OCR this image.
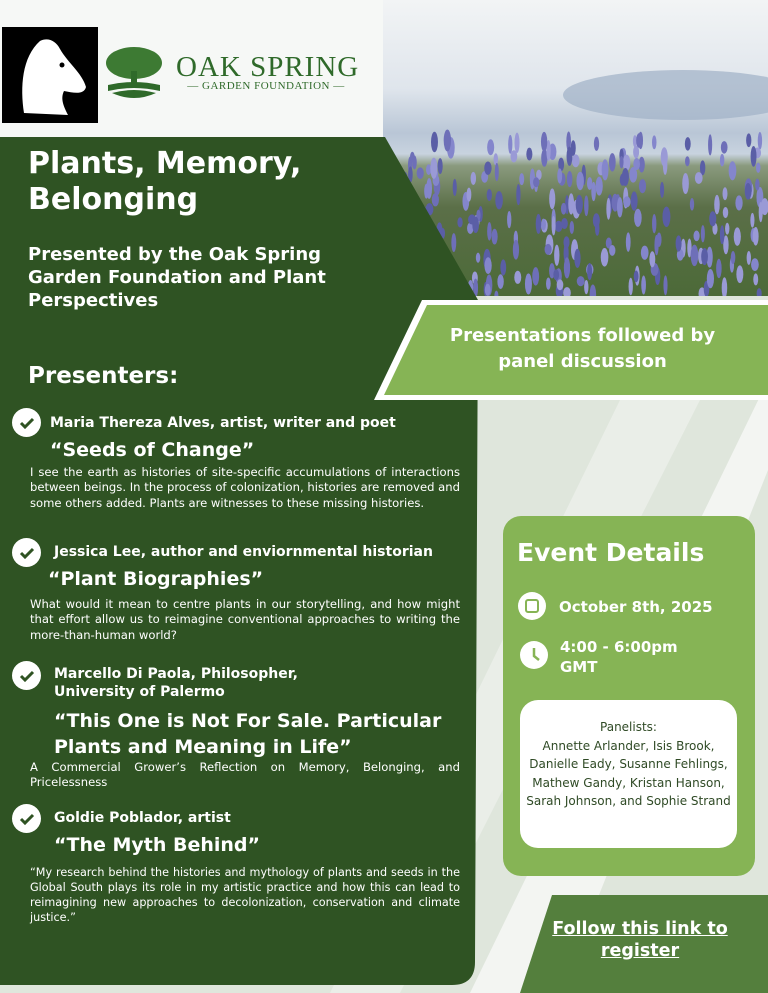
OAK SPRING
— GARDEN FOUNDATION —
Presentations followed by panel discussion
Plants, Memory, Belonging
Presented by the Oak Spring Garden Foundation and Plant Perspectives
Presenters:
Maria Thereza Alves, artist, writer and poet
“Seeds of Change”
I see the earth as histories of site-specific accumulations of interactions between beings. In the process of colonization, histories are removed and some others added. Plants are witnesses to these missing histories.
Jessica Lee, author and enviornmental historian
“Plant Biographies”
What would it mean to centre plants in our storytelling, and how might that effort allow us to reimagine conventional approaches to writing the more-than-human world?
Marcello Di Paola, Philosopher, University of Palermo
“This One is Not For Sale. Particular Plants and Meaning in Life”
A Commercial Grower’s Reflection on Memory, Belonging, and Pricelessness
Goldie Poblador, artist
“The Myth Behind”
“My research behind the histories and mythology of plants and seeds in the Global South plays its role in my artistic practice and how this can lead to reimagining new approaches to decolonization, conservation and climate justice.”
Event Details
October 8th, 2025
4:00 - 6:00pm GMT
Panelists:
Annette Arlander, Isis Brook, Danielle Eady, Susanne Fehlings, Mathew Gandy, Kristan Hanson, Sarah Johnson, and Sophie Strand
Follow this link to register
